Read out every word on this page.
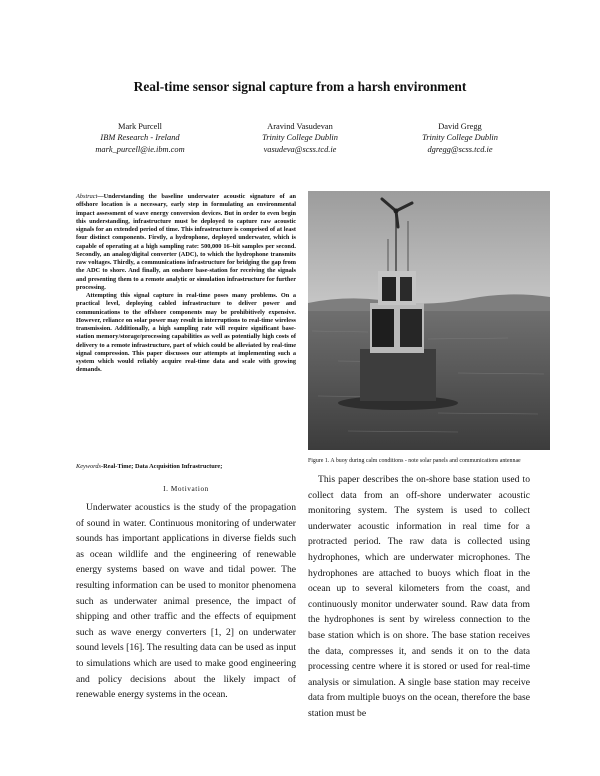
Real-time sensor signal capture from a harsh environment
Mark Purcell
IBM Research - Ireland
mark_purcell@ie.ibm.com
Aravind Vasudevan
Trinity College Dublin
vasudeva@scss.tcd.ie
David Gregg
Trinity College Dublin
dgregg@scss.tcd.ie

Abstract—Understanding the baseline underwater acoustic signature of an offshore location is a necessary, early step in formulating an environmental impact assessment of wave energy conversion devices. But in order to even begin this understanding, infrastructure must be deployed to capture raw acoustic signals for an extended period of time. This infrastructure is comprised of at least four distinct components. Firstly, a hydrophone, deployed underwater, which is capable of operating at a high sampling rate: 500,000 16–bit samples per second. Secondly, an analog/digital converter (ADC), to which the hydrophone transmits raw voltages. Thirdly, a communications infrastructure for bridging the gap from the ADC to shore. And finally, an onshore base-station for receiving the signals and presenting them to a remote analytic or simulation infrastructure for further processing.

Attempting this signal capture in real-time poses many problems. On a practical level, deploying cabled infrastructure to deliver power and communications to the offshore components may be prohibitively expensive. However, reliance on solar power may result in interruptions to real-time wireless transmission. Additionally, a high sampling rate will require significant base-station memory/storage/processing capabilities as well as potentially high costs of delivery to a remote infrastructure, part of which could be alleviated by real-time signal compression. This paper discusses our attempts at implementing such a system which would reliably acquire real-time data and scale with growing demands.

Keywords-Real-Time; Data Acquisition Infrastructure;
I. Motivation

Underwater acoustics is the study of the propagation of sound in water. Continuous monitoring of underwater sounds has important applications in diverse fields such as ocean wildlife and the engineering of renewable energy systems based on wave and tidal power. The resulting information can be used to monitor phenomena such as underwater animal presence, the impact of shipping and other traffic and the effects of equipment such as wave energy converters [1, 2] on underwater sound levels [16]. The resulting data can be used as input to simulations which are used to make good engineering and policy decisions about the likely impact of renewable energy systems in the ocean.

Figure 1. A buoy during calm conditions - note solar panels and communications antennae

This paper describes the on-shore base station used to collect data from an off-shore underwater acoustic monitoring system. The system is used to collect underwater acoustic information in real time for a protracted period. The raw data is collected using hydrophones, which are underwater microphones. The hydrophones are attached to buoys which float in the ocean up to several kilometers from the coast, and continuously monitor underwater sound. Raw data from the hydrophones is sent by wireless connection to the base station which is on shore. The base station receives the data, compresses it, and sends it on to the data processing centre where it is stored or used for real-time analysis or simulation. A single base station may receive data from multiple buoys on the ocean, therefore the base station must be
